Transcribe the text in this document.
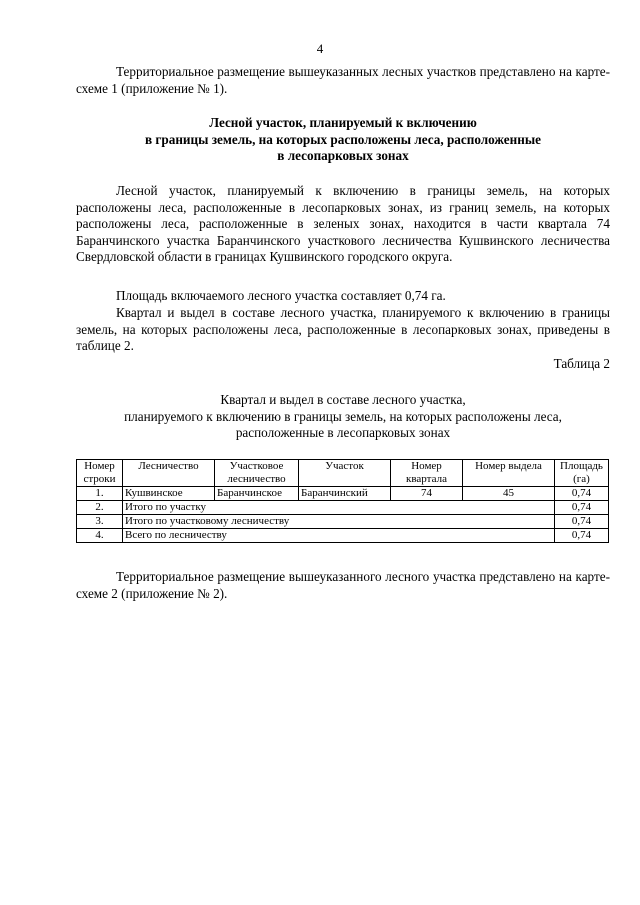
4

Территориальное размещение вышеуказанных лесных участков представлено на карте-схеме 1 (приложение № 1).

Лесной участок, планируемый к включению

в границы земель, на которых расположены леса, расположенные

в лесопарковых зонах

Лесной участок, планируемый к включению в границы земель, на которых расположены леса, расположенные в лесопарковых зонах, из границ земель, на которых расположены леса, расположенные в зеленых зонах, находится в части квартала 74 Баранчинского участка Баранчинского участкового лесничества Кушвинского лесничества Свердловской области в границах Кушвинского городского округа.

Площадь включаемого лесного участка составляет 0,74 га.

Квартал и выдел в составе лесного участка, планируемого к включению в границы земель, на которых расположены леса, расположенные в лесопарковых зонах, приведены в таблице 2.

Таблица 2

Квартал и выдел в составе лесного участка,

планируемого к включению в границы земель, на которых расположены леса,

расположенные в лесопарковых зонах

Номер строки	Лесничество	Участковое лесничество	Участок	Номер квартала	Номер выдела	Площадь (га)
1.	Кушвинское	Баранчинское	Баранчинский	74	45	0,74
2.	Итого по участку					0,74
3.	Итого по участковому лесничеству					0,74
4.	Всего по лесничеству					0,74

Территориальное размещение вышеуказанного лесного участка представлено на карте-схеме 2 (приложение № 2).
